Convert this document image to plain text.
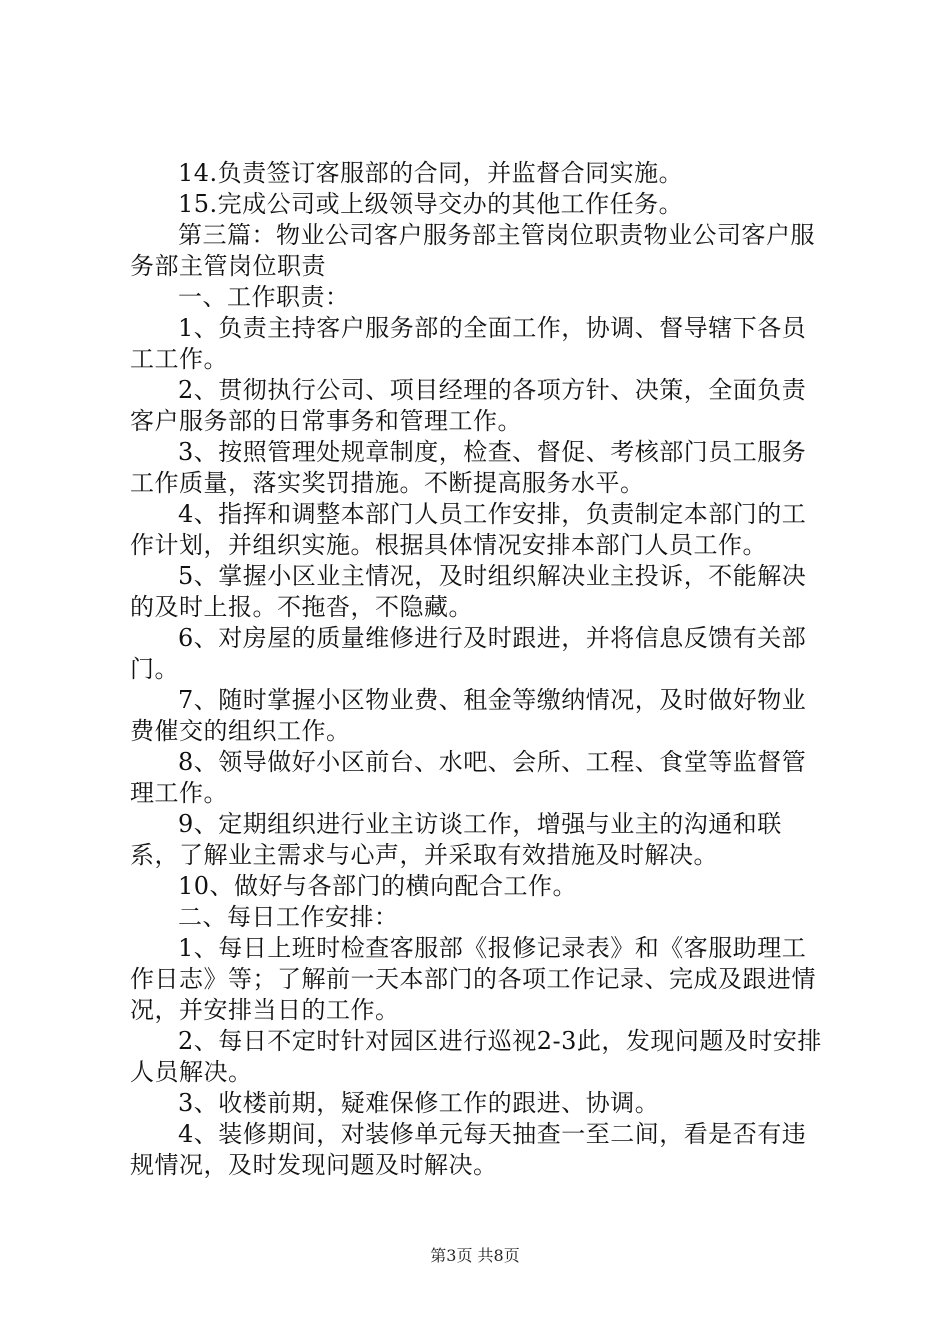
14.负责签订客服部的合同，并监督合同实施。

15.完成公司或上级领导交办的其他工作任务。

第三篇：物业公司客户服务部主管岗位职责物业公司客户服务部主管岗位职责

一、工作职责：

1、负责主持客户服务部的全面工作，协调、督导辖下各员工工作。

2、贯彻执行公司、项目经理的各项方针、决策，全面负责客户服务部的日常事务和管理工作。

3、按照管理处规章制度，检查、督促、考核部门员工服务工作质量，落实奖罚措施。不断提高服务水平。

4、指挥和调整本部门人员工作安排，负责制定本部门的工作计划，并组织实施。根据具体情况安排本部门人员工作。

5、掌握小区业主情况，及时组织解决业主投诉，不能解决的及时上报。不拖沓，不隐藏。

6、对房屋的质量维修进行及时跟进，并将信息反馈有关部门。

7、随时掌握小区物业费、租金等缴纳情况，及时做好物业费催交的组织工作。

8、领导做好小区前台、水吧、会所、工程、食堂等监督管理工作。

9、定期组织进行业主访谈工作，增强与业主的沟通和联系，了解业主需求与心声，并采取有效措施及时解决。

10、做好与各部门的横向配合工作。

二、每日工作安排：

1、每日上班时检查客服部《报修记录表》和《客服助理工作日志》等；了解前一天本部门的各项工作记录、完成及跟进情况，并安排当日的工作。

2、每日不定时针对园区进行巡视2-3此，发现问题及时安排人员解决。

3、收楼前期，疑难保修工作的跟进、协调。

4、装修期间，对装修单元每天抽查一至二间，看是否有违规情况，及时发现问题及时解决。

第3页 共8页
